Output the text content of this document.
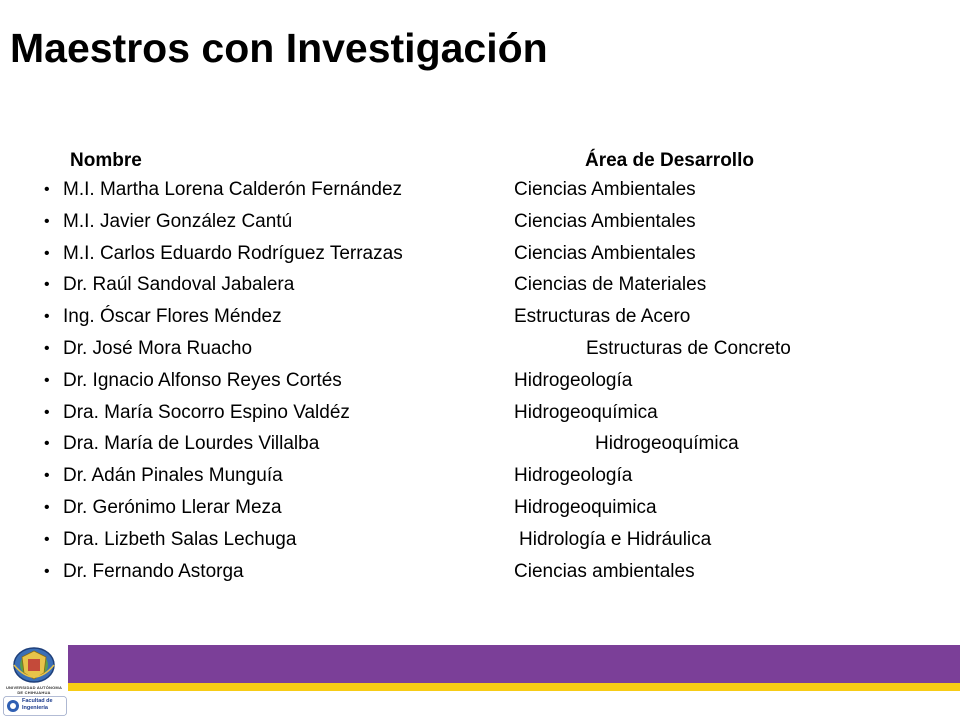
Maestros con Investigación
Nombre	Área de Desarrollo
• M.I. Martha Lorena Calderón Fernández	Ciencias Ambientales
• M.I. Javier González Cantú	Ciencias Ambientales
• M.I. Carlos Eduardo Rodríguez Terrazas	Ciencias Ambientales
• Dr. Raúl Sandoval Jabalera	Ciencias de Materiales
• Ing. Óscar Flores Méndez	Estructuras de Acero
• Dr. José Mora Ruacho	Estructuras de Concreto
• Dr. Ignacio Alfonso Reyes Cortés	Hidrogeología
• Dra. María Socorro Espino Valdéz	Hidrogeoquímica
• Dra. María de Lourdes Villalba	Hidrogeoquímica
• Dr. Adán Pinales Munguía	Hidrogeología
• Dr. Gerónimo Llerar Meza	Hidrogeoquimica
• Dra. Lizbeth Salas Lechuga	Hidrología e Hidráulica
• Dr. Fernando Astorga	Ciencias ambientales
UNIVERSIDAD AUTÓNOMA DE CHIHUAHUA
Facultad de
Ingeniería
